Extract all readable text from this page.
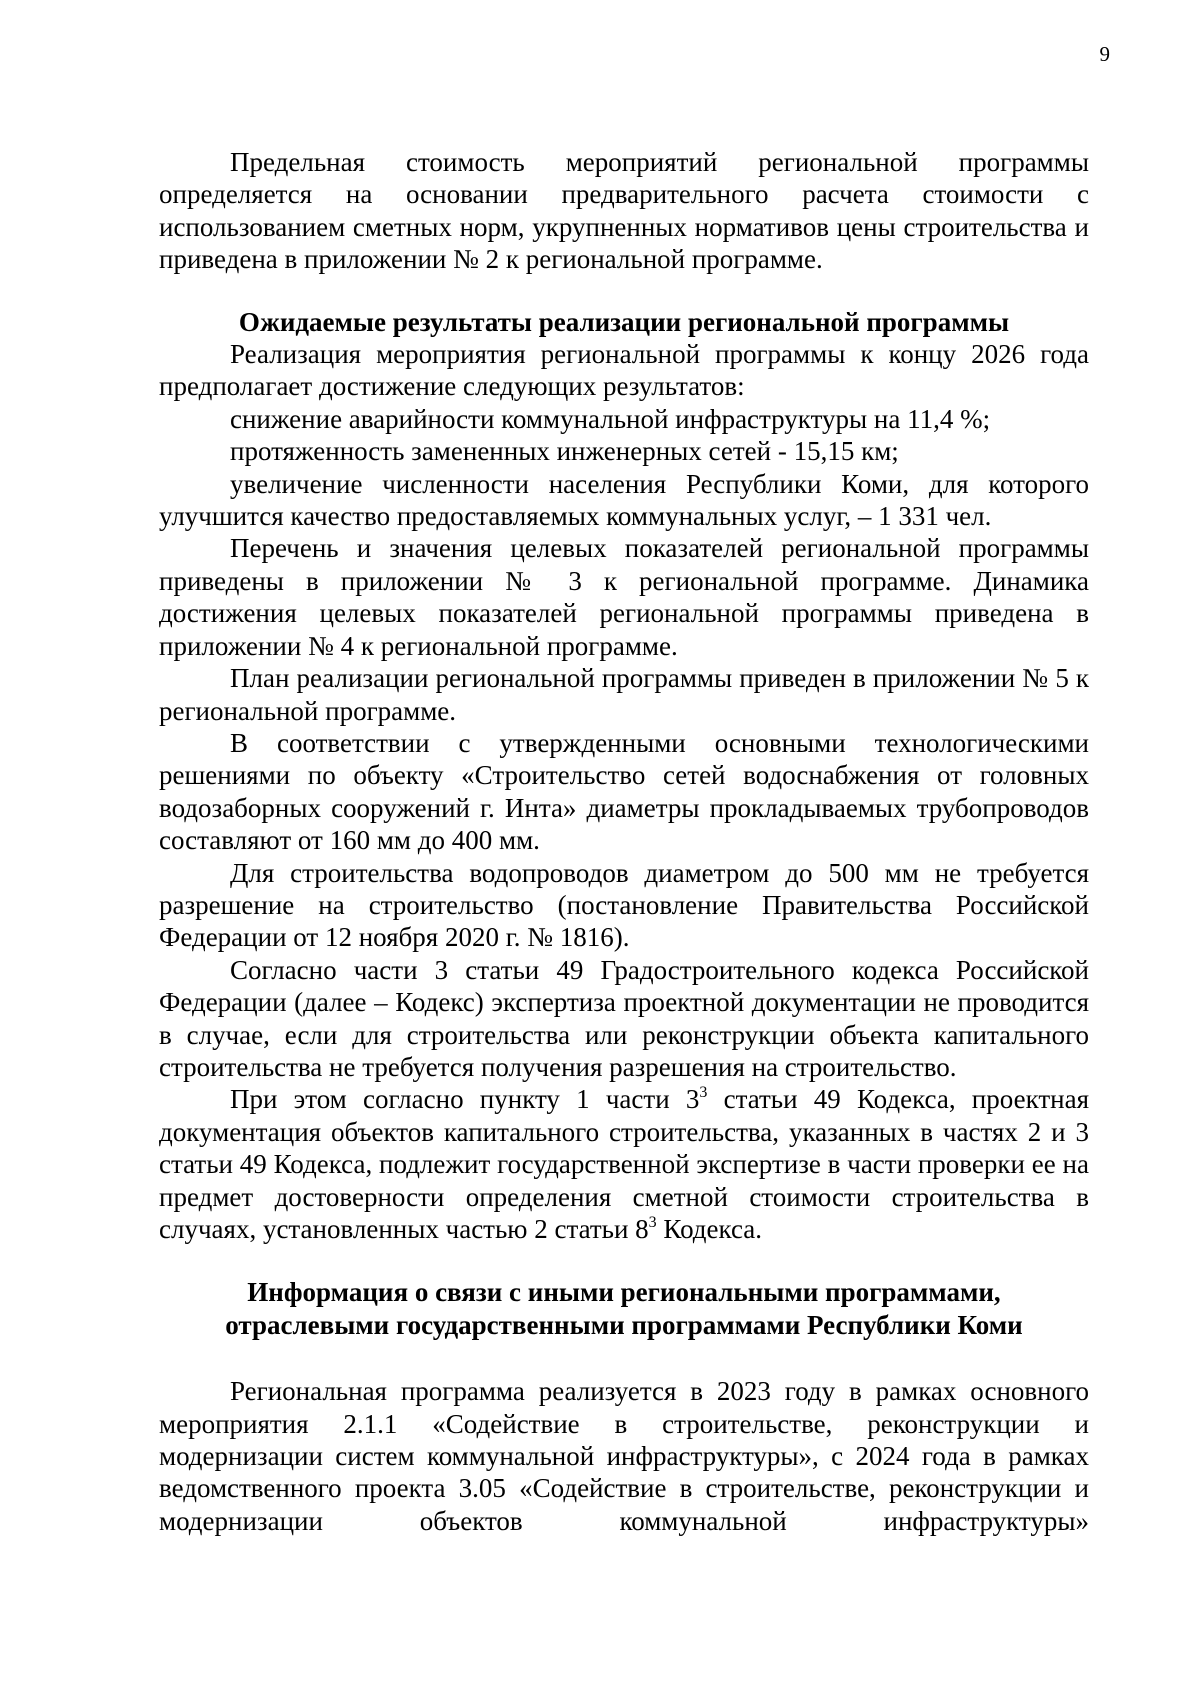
9

Предельная стоимость мероприятий региональной программы определяется на основании предварительного расчета стоимости с использованием сметных норм, укрупненных нормативов цены строительства и приведена в приложении № 2 к региональной программе.

Ожидаемые результаты реализации региональной программы

Реализация мероприятия региональной программы к концу 2026 года предполагает достижение следующих результатов:

снижение аварийности коммунальной инфраструктуры на 11,4 %;

протяженность замененных инженерных сетей - 15,15 км;

увеличение численности населения Республики Коми, для которого улучшится качество предоставляемых коммунальных услуг, – 1 331 чел.

Перечень и значения целевых показателей региональной программы приведены в приложении № 3 к региональной программе. Динамика достижения целевых показателей региональной программы приведена в приложении № 4 к региональной программе.

План реализации региональной программы приведен в приложении № 5 к региональной программе.

В соответствии с утвержденными основными технологическими решениями по объекту «Строительство сетей водоснабжения от головных водозаборных сооружений г. Инта» диаметры прокладываемых трубопроводов составляют от 160 мм до 400 мм.

Для строительства водопроводов диаметром до 500 мм не требуется разрешение на строительство (постановление Правительства Российской Федерации от 12 ноября 2020 г. № 1816).

Согласно части 3 статьи 49 Градостроительного кодекса Российской Федерации (далее – Кодекс) экспертиза проектной документации не проводится в случае, если для строительства или реконструкции объекта капитального строительства не требуется получения разрешения на строительство.

При этом согласно пункту 1 части $3^3$ статьи 49 Кодекса, проектная документация объектов капитального строительства, указанных в частях 2 и 3 статьи 49 Кодекса, подлежит государственной экспертизе в части проверки ее на предмет достоверности определения сметной стоимости строительства в случаях, установленных частью 2 статьи $8^3$ Кодекса.

Информация о связи с иными региональными программами,
отраслевыми государственными программами Республики Коми

Региональная программа реализуется в 2023 году в рамках основного мероприятия 2.1.1 «Содействие в строительстве, реконструкции и модернизации систем коммунальной инфраструктуры», с 2024 года в рамках ведомственного проекта 3.05 «Содействие в строительстве, реконструкции и модернизации объектов коммунальной инфраструктуры»
